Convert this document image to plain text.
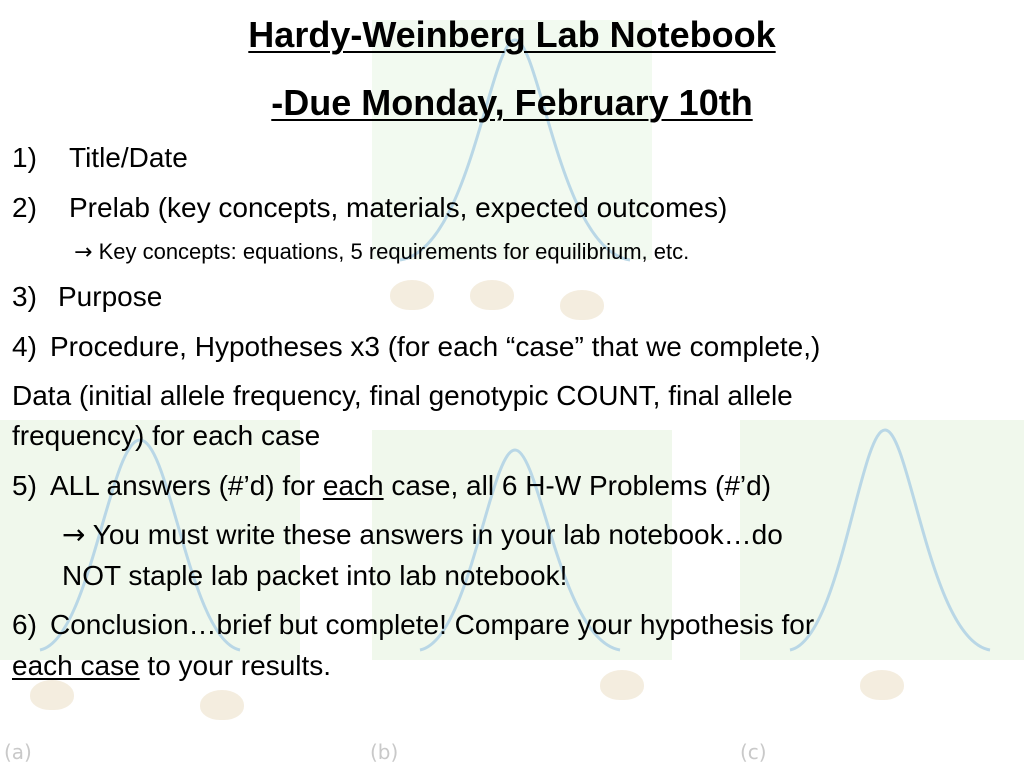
(a)	(b)	(c)
Hardy-Weinberg Lab Notebook
-Due Monday, February 10th
1) Title/Date
2) Prelab (key concepts, materials, expected outcomes)
→ Key concepts: equations, 5 requirements for equilibrium, etc.
3) Purpose
4) Procedure, Hypotheses x3 (for each “case” that we complete,)
Data (initial allele frequency, final genotypic COUNT, final allele
frequency) for each case
5) ALL answers (#’d) for each case, all 6 H-W Problems (#’d)
→ You must write these answers in your lab notebook…do
NOT staple lab packet into lab notebook!
6) Conclusion…brief but complete! Compare your hypothesis for
each case to your results.
